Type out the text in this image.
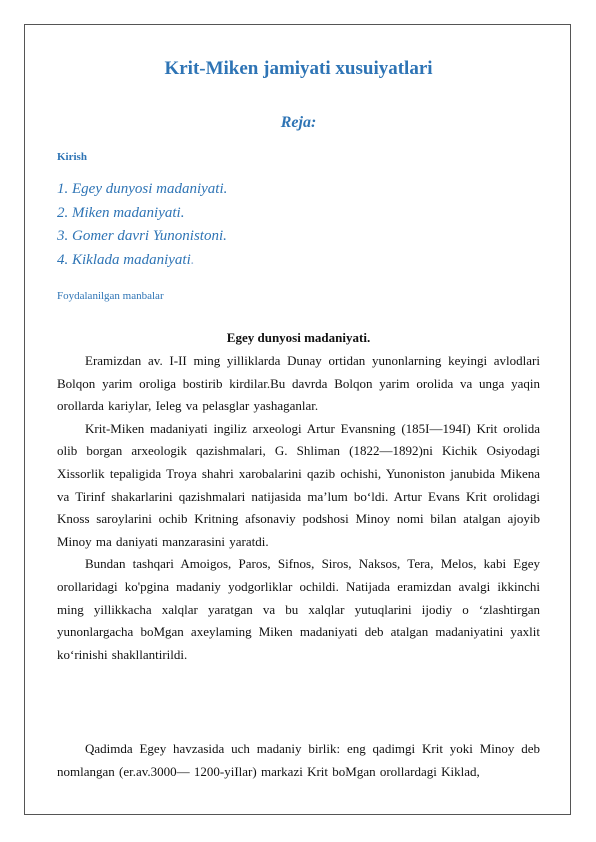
Krit-Miken jamiyati xusuiyatlari
Reja:
Kirish
1. Egey dunyosi madaniyati.
2. Miken madaniyati.
3. Gomer davri Yunonistoni.
4. Kiklada madaniyati.
Foydalanilgan manbalar
Egey dunyosi madaniyati.

Eramizdan av. I-II ming yilliklarda Dunay ortidan yunonlarning keyingi avlodlari Bolqon yarim oroliga bostirib kirdilar.Bu davrda Bolqon yarim orolida va unga yaqin orollarda kariylar, Ieleg va pelasglar yashaganlar.

Krit-Miken madaniyati ingiliz arxeologi Artur Evansning (185I—194I) Krit orolida olib borgan arxeologik qazishmalari, G. Shliman (1822—1892)ni Kichik Osiyodagi Xissorlik tepaligida Troya shahri xarobalarini qazib ochishi, Yunoniston janubida Mikena va Tirinf shakarlarini qazishmalari natijasida ma’lum bo‘ldi. Artur Evans Krit orolidagi Knoss saroylarini ochib Kritning afsonaviy podshosi Minoy nomi bilan atalgan ajoyib Minoy ma daniyati manzarasini yaratdi.

Bundan tashqari Amoigos, Paros, Sifnos, Siros, Naksos, Tera, Melos, kabi Egey orollaridagi ko'pgina madaniy yodgorliklar ochildi. Natijada eramizdan avalgi ikkinchi ming yillikkacha xalqlar yaratgan va bu xalqlar yutuqlarini ijodiy o ‘zlashtirgan yunonlargacha boMgan axeylaming Miken madaniyati deb atalgan madaniyatini yaxlit ko‘rinishi shakllantirildi.

Qadimda Egey havzasida uch madaniy birlik: eng qadimgi Krit yoki Minoy deb nomlangan (er.av.3000— 1200-yiIlar) markazi Krit boMgan orollardagi Kiklad,
